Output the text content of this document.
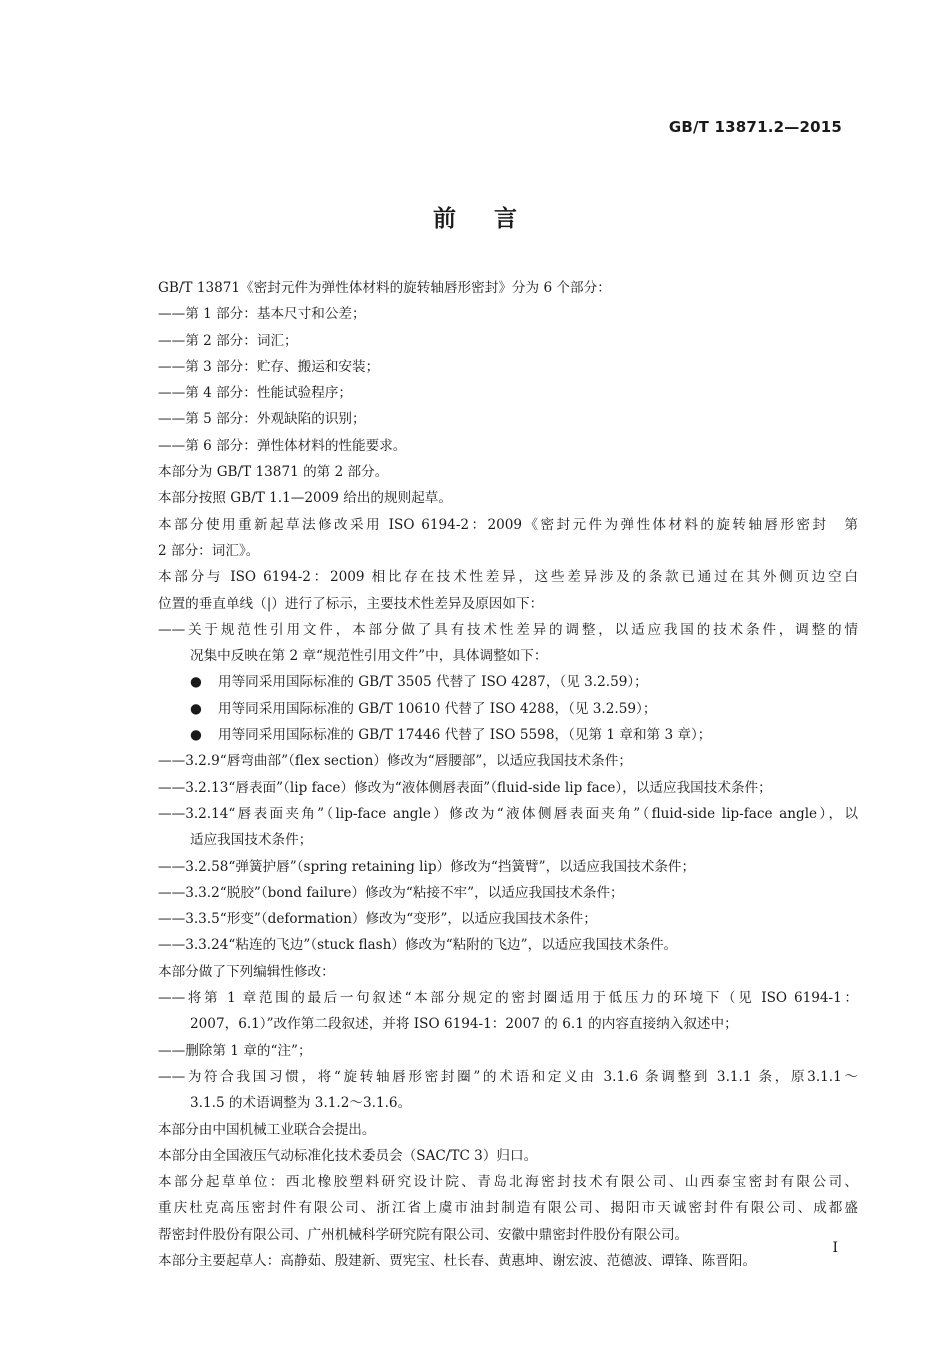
GB/T 13871.2—2015
前言
GB/T 13871《密封元件为弹性体材料的旋转轴唇形密封》分为 6 个部分：
——第 1 部分：基本尺寸和公差；
——第 2 部分：词汇；
——第 3 部分：贮存、搬运和安装；
——第 4 部分：性能试验程序；
——第 5 部分：外观缺陷的识别；
——第 6 部分：弹性体材料的性能要求。
本部分为 GB/T 13871 的第 2 部分。
本部分按照 GB/T 1.1—2009 给出的规则起草。
本部分使用重新起草法修改采用 ISO 6194-2：2009《密封元件为弹性体材料的旋转轴唇形密封　第
2 部分：词汇》。
本部分与 ISO 6194-2：2009 相比存在技术性差异，这些差异涉及的条款已通过在其外侧页边空白
位置的垂直单线（|）进行了标示，主要技术性差异及原因如下：
——关于规范性引用文件，本部分做了具有技术性差异的调整，以适应我国的技术条件，调整的情
况集中反映在第 2 章“规范性引用文件”中，具体调整如下：
● 用等同采用国际标准的 GB/T 3505 代替了 ISO 4287，（见 3.2.59）；
● 用等同采用国际标准的 GB/T 10610 代替了 ISO 4288，（见 3.2.59）；
● 用等同采用国际标准的 GB/T 17446 代替了 ISO 5598，（见第 1 章和第 3 章）；
——3.2.9“唇弯曲部”（flex section）修改为“唇腰部”，以适应我国技术条件；
——3.2.13“唇表面”（lip face）修改为“液体侧唇表面”（fluid-side lip face），以适应我国技术条件；
——3.2.14“唇表面夹角”（lip-face angle）修改为“液体侧唇表面夹角”（fluid-side lip-face angle），以
适应我国技术条件；
——3.2.58“弹簧护唇”（spring retaining lip）修改为“挡簧臂”，以适应我国技术条件；
——3.3.2“脱胶”（bond failure）修改为“粘接不牢”，以适应我国技术条件；
——3.3.5“形变”（deformation）修改为“变形”，以适应我国技术条件；
——3.3.24“粘连的飞边”（stuck flash）修改为“粘附的飞边”，以适应我国技术条件。
本部分做了下列编辑性修改：
——将第 1 章范围的最后一句叙述“本部分规定的密封圈适用于低压力的环境下（见 ISO 6194-1：
2007，6.1）”改作第二段叙述，并将 ISO 6194-1：2007 的 6.1 的内容直接纳入叙述中；
——删除第 1 章的“注”；
——为符合我国习惯，将“旋转轴唇形密封圈”的术语和定义由 3.1.6 条调整到 3.1.1 条，原3.1.1～
3.1.5 的术语调整为 3.1.2～3.1.6。
本部分由中国机械工业联合会提出。
本部分由全国液压气动标准化技术委员会（SAC/TC 3）归口。
本部分起草单位：西北橡胶塑料研究设计院、青岛北海密封技术有限公司、山西泰宝密封有限公司、
重庆杜克高压密封件有限公司、浙江省上虞市油封制造有限公司、揭阳市天诚密封件有限公司、成都盛
帮密封件股份有限公司、广州机械科学研究院有限公司、安徽中鼎密封件股份有限公司。
本部分主要起草人：高静茹、殷建新、贾宪宝、杜长春、黄惠坤、谢宏波、范德波、谭锋、陈晋阳。
I
